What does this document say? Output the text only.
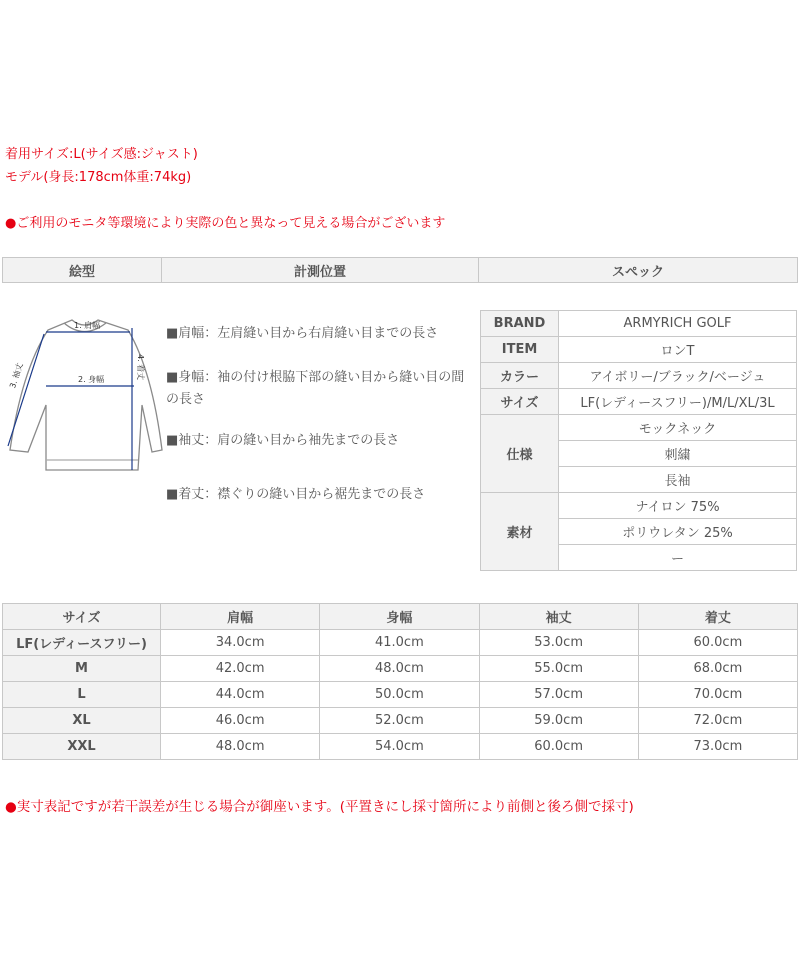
着用サイズ:L(サイズ感:ジャスト)
モデル(身長:178cm体重:74kg)
●ご利用のモニタ等環境により実際の色と異なって見える場合がございます
絵型	計測位置	スペック
1. 肩幅
2. 身幅
3. 袖丈	4. 着丈
■肩幅：左肩縫い目から右肩縫い目までの長さ
■身幅：袖の付け根脇下部の縫い目から縫い目の間の長さ
■袖丈：肩の縫い目から袖先までの長さ
■着丈：襟ぐりの縫い目から裾先までの長さ
BRAND	ARMYRICH GOLF
ITEM	ロンT
カラー	アイボリー/ブラック/ベージュ
サイズ	LF(レディースフリー)/M/L/XL/3L
仕様	モックネック
	刺繍
	長袖
素材	ナイロン 75%
	ポリウレタン 25%
	ー
サイズ	肩幅	身幅	袖丈	着丈
LF(レディースフリー)	34.0cm	41.0cm	53.0cm	60.0cm
M	42.0cm	48.0cm	55.0cm	68.0cm
L	44.0cm	50.0cm	57.0cm	70.0cm
XL	46.0cm	52.0cm	59.0cm	72.0cm
XXL	48.0cm	54.0cm	60.0cm	73.0cm
●実寸表記ですが若干誤差が生じる場合が御座います。(平置きにし採寸箇所により前側と後ろ側で採寸)
